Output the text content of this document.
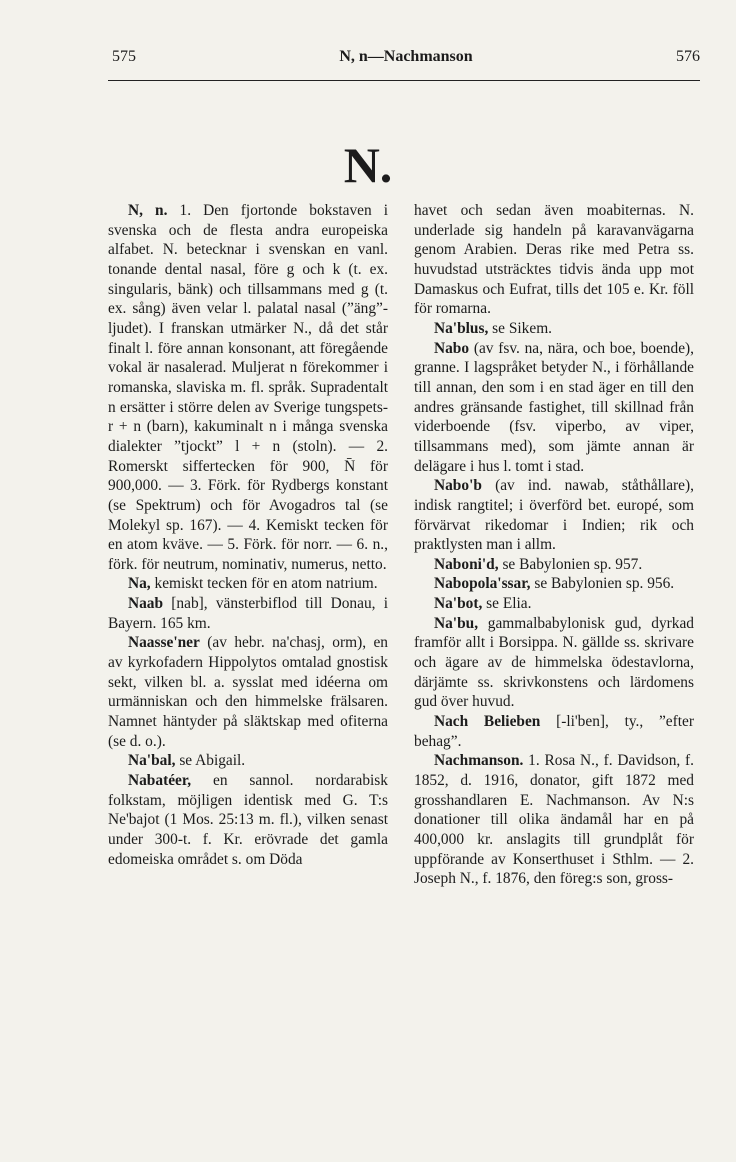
575	N, n—Nachmanson	576
N.

N, n. 1. Den fjortonde bokstaven i svenska och de flesta andra europeiska alfabet. N. betecknar i svenskan en vanl. tonande dental nasal, före g och k (t. ex. singularis, bänk) och tillsammans med g (t. ex. sång) även velar l. palatal nasal (”äng”-ljudet). I franskan utmärker N., då det står finalt l. före annan konsonant, att föregående vokal är nasalerad. Muljerat n förekommer i romanska, slaviska m. fl. språk. Supradentalt n ersätter i större delen av Sverige tungspets-r + n (barn), kakuminalt n i många svenska dialekter ”tjockt” l + n (stoln). — 2. Romerskt siffertecken för 900, N̄ för 900,000. — 3. Förk. för Rydbergs konstant (se Spektrum) och för Avogadros tal (se Molekyl sp. 167). — 4. Kemiskt tecken för en atom kväve. — 5. Förk. för norr. — 6. n., förk. för neutrum, nominativ, numerus, netto.

Na, kemiskt tecken för en atom natrium.

Naab [nab], vänsterbiflod till Donau, i Bayern. 165 km.

Naasse'ner (av hebr. na'chasj, orm), en av kyrkofadern Hippolytos omtalad gnostisk sekt, vilken bl. a. sysslat med idéerna om urmänniskan och den himmelske frälsaren. Namnet häntyder på släktskap med ofiterna (se d. o.).

Na'bal, se Abigail.

Nabatéer, en sannol. nordarabisk folkstam, möjligen identisk med G. T:s Ne'bajot (1 Mos. 25:13 m. fl.), vilken senast under 300-t. f. Kr. erövrade det gamla edomeiska området s. om Döda

havet och sedan även moabiternas. N. underlade sig handeln på karavanvägarna genom Arabien. Deras rike med Petra ss. huvudstad utsträcktes tidvis ända upp mot Damaskus och Eufrat, tills det 105 e. Kr. föll för romarna.

Na'blus, se Sikem.

Nabo (av fsv. na, nära, och boe, boende), granne. I lagspråket betyder N., i förhållande till annan, den som i en stad äger en till den andres gränsande fastighet, till skillnad från viderboende (fsv. viperbo, av viper, tillsammans med), som jämte annan är delägare i hus l. tomt i stad.

Nabo'b (av ind. nawab, ståthållare), indisk rangtitel; i överförd bet. europé, som förvärvat rikedomar i Indien; rik och praktlysten man i allm.

Naboni'd, se Babylonien sp. 957.

Nabopola'ssar, se Babylonien sp. 956.

Na'bot, se Elia.

Na'bu, gammalbabylonisk gud, dyrkad framför allt i Borsippa. N. gällde ss. skrivare och ägare av de himmelska ödestavlorna, därjämte ss. skrivkonstens och lärdomens gud över huvud.

Nach Belieben [-li'ben], ty., ”efter behag”.

Nachmanson. 1. Rosa N., f. Davidson, f. 1852, d. 1916, donator, gift 1872 med grosshandlaren E. Nachmanson. Av N:s donationer till olika ändamål har en på 400,000 kr. anslagits till grundplåt för uppförande av Konserthuset i Sthlm. — 2. Joseph N., f. 1876, den föreg:s son, gross-
